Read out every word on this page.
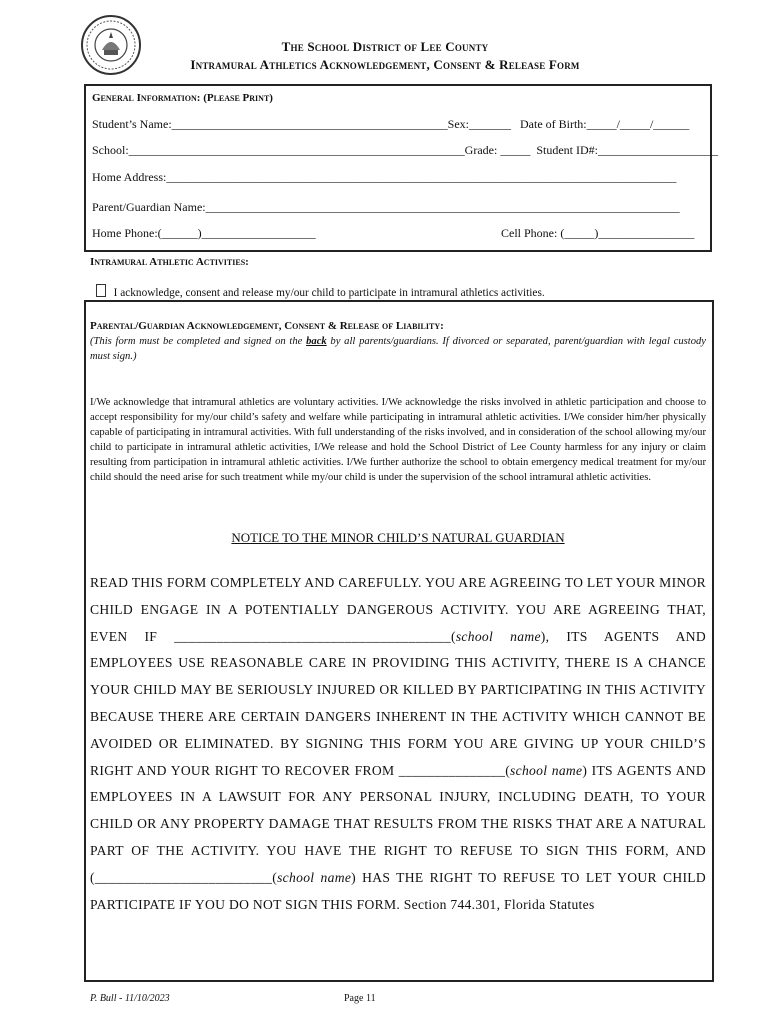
The School District of Lee County
Intramural Athletics Acknowledgement, Consent & Release Form
General Information: (Please Print)
Student’s Name:______________________________________________Sex:_______   Date of Birth:_____/_____/______
School:________________________________________________________Grade: _____  Student ID#:____________________
Home Address:_____________________________________________________________________________________
Parent/Guardian Name:_______________________________________________________________________________
Home Phone:(______)___________________	Cell Phone: (_____)________________
Intramural Athletic Activities:

I acknowledge, consent and release my/our child to participate in intramural athletics activities.

Parental/Guardian Acknowledgement, Consent & Release of Liability:
(This form must be completed and signed on the back by all parents/guardians. If divorced or separated, parent/guardian with legal custody must sign.)
I/We acknowledge that intramural athletics are voluntary activities. I/We acknowledge the risks involved in athletic participation and choose to accept responsibility for my/our child’s safety and welfare while participating in intramural athletic activities. I/We consider him/her physically capable of participating in intramural activities. With full understanding of the risks involved, and in consideration of the school allowing my/our child to participate in intramural athletic activities, I/We release and hold the School District of Lee County harmless for any injury or claim resulting from participation in intramural athletic activities. I/We further authorize the school to obtain emergency medical treatment for my/our child should the need arise for such treatment while my/our child is under the supervision of the school intramural athletic activities.
NOTICE TO THE MINOR CHILD’S NATURAL GUARDIAN
READ THIS FORM COMPLETELY AND CAREFULLY. YOU ARE AGREEING TO LET YOUR MINOR CHILD ENGAGE IN A POTENTIALLY DANGEROUS ACTIVITY. YOU ARE AGREEING THAT, EVEN IF _______________________________________(school name), ITS AGENTS AND EMPLOYEES USE REASONABLE CARE IN PROVIDING THIS ACTIVITY, THERE IS A CHANCE YOUR CHILD MAY BE SERIOUSLY INJURED OR KILLED BY PARTICIPATING IN THIS ACTIVITY BECAUSE THERE ARE CERTAIN DANGERS INHERENT IN THE ACTIVITY WHICH CANNOT BE AVOIDED OR ELIMINATED. BY SIGNING THIS FORM YOU ARE GIVING UP YOUR CHILD’S RIGHT AND YOUR RIGHT TO RECOVER FROM _______________(school name) ITS AGENTS AND EMPLOYEES IN A LAWSUIT FOR ANY PERSONAL INJURY, INCLUDING DEATH, TO YOUR CHILD OR ANY PROPERTY DAMAGE THAT RESULTS FROM THE RISKS THAT ARE A NATURAL PART OF THE ACTIVITY. YOU HAVE THE RIGHT TO REFUSE TO SIGN THIS FORM, AND (_________________________(school name) HAS THE RIGHT TO REFUSE TO LET YOUR CHILD PARTICIPATE IF YOU DO NOT SIGN THIS FORM. Section 744.301, Florida Statutes
P. Bull - 11/10/2023	Page 11
